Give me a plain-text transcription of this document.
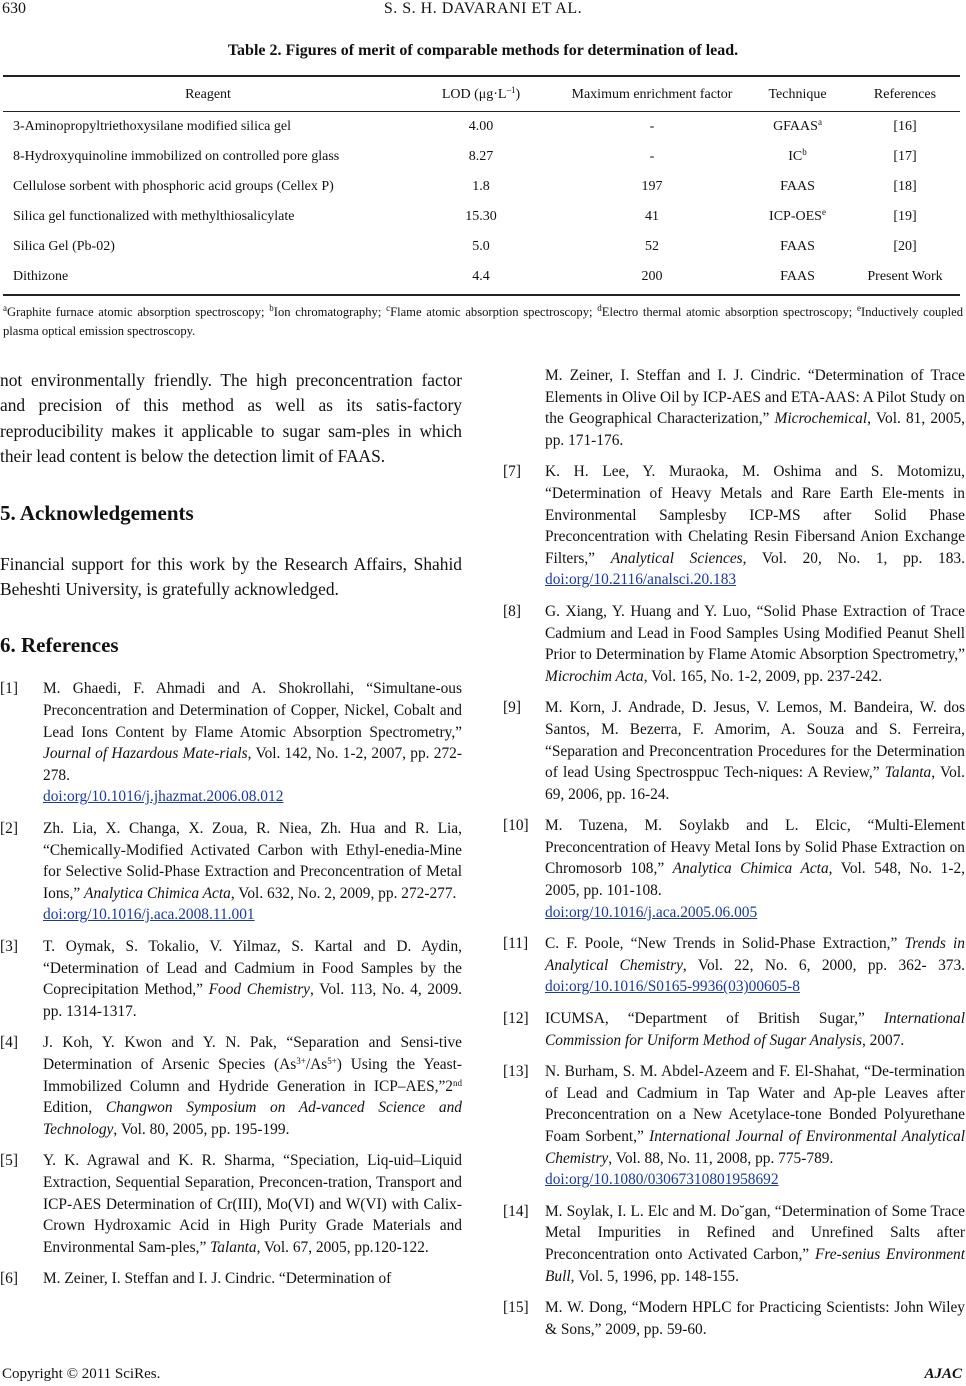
630	S. S. H. DAVARANI ET AL.
Table 2. Figures of merit of comparable methods for determination of lead.
Reagent	LOD $(\mu g\cdot L^{-1})$	Maximum enrichment factor	Technique	References
3-Aminopropyltriethoxysilane modified silica gel	4.00	-	GFAAS$^a$	[16]
8-Hydroxyquinoline immobilized on controlled pore glass	8.27	-	$IC^b$	[17]
Cellulose sorbent with phosphoric acid groups (Cellex P)	1.8	197	FAAS	[18]
Silica gel functionalized with methylthiosalicylate	15.30	41	ICP-OES$^e$	[19]
Silica Gel (Pb-02)	5.0	52	FAAS	[20]
Dithizone	4.4	200	FAAS	Present Work
$^a$Graphite furnace atomic absorption spectroscopy; $^b$Ion chromatography; $^c$Flame atomic absorption spectroscopy; $^d$Electro thermal atomic absorption spectroscopy; $^e$Inductively coupled plasma optical emission spectroscopy.

not environmentally friendly. The high preconcentration factor and precision of this method as well as its satis-factory reproducibility makes it applicable to sugar sam-ples in which their lead content is below the detection limit of FAAS.

5. Acknowledgements

Financial support for this work by the Research Affairs, Shahid Beheshti University, is gratefully acknowledged.

6. References
[1] M. Ghaedi, F. Ahmadi and A. Shokrollahi, “Simultane-ous Preconcentration and Determination of Copper, Nickel, Cobalt and Lead Ions Content by Flame Atomic Absorption Spectrometry,” Journal of Hazardous Mate-rials, Vol. 142, No. 1-2, 2007, pp. 272-278.
doi:org/10.1016/j.jhazmat.2006.08.012
[2] Zh. Lia, X. Changa, X. Zoua, R. Niea, Zh. Hua and R. Lia, “Chemically-Modified Activated Carbon with Ethyl-enedia-Mine for Selective Solid-Phase Extraction and Preconcentration of Metal Ions,” Analytica Chimica Acta, Vol. 632, No. 2, 2009, pp. 272-277.
doi:org/10.1016/j.aca.2008.11.001
[3] T. Oymak, S. Tokalio, V. Yilmaz, S. Kartal and D. Aydin, “Determination of Lead and Cadmium in Food Samples by the Coprecipitation Method,” Food Chemistry, Vol. 113, No. 4, 2009. pp. 1314-1317.
[4] J. Koh, Y. Kwon and Y. N. Pak, “Separation and Sensi-tive Determination of Arsenic Species $(As^{3+}/As^{5+})$ Using the Yeast-Immobilized Column and Hydride Generation in ICP–AES,”2nd Edition, Changwon Symposium on Ad-vanced Science and Technology, Vol. 80, 2005, pp. 195-199.
[5] Y. K. Agrawal and K. R. Sharma, “Speciation, Liq-uid–Liquid Extraction, Sequential Separation, Preconcen-tration, Transport and ICP-AES Determination of Cr(III), Mo(VI) and W(VI) with Calix-Crown Hydroxamic Acid in High Purity Grade Materials and Environmental Sam-ples,” Talanta, Vol. 67, 2005, pp.120-122.
[6] M. Zeiner, I. Steffan and I. J. Cindric. “Determination of
M. Zeiner, I. Steffan and I. J. Cindric. “Determination of Trace Elements in Olive Oil by ICP-AES and ETA-AAS: A Pilot Study on the Geographical Characterization,” Microchemical, Vol. 81, 2005, pp. 171-176.
[7] K. H. Lee, Y. Muraoka, M. Oshima and S. Motomizu, “Determination of Heavy Metals and Rare Earth Ele-ments in Environmental Samplesby ICP-MS after Solid Phase Preconcentration with Chelating Resin Fibersand Anion Exchange Filters,” Analytical Sciences, Vol. 20, No. 1, pp. 183. doi:org/10.2116/analsci.20.183
[8] G. Xiang, Y. Huang and Y. Luo, “Solid Phase Extraction of Trace Cadmium and Lead in Food Samples Using Modified Peanut Shell Prior to Determination by Flame Atomic Absorption Spectrometry,” Microchim Acta, Vol. 165, No. 1-2, 2009, pp. 237-242.
[9] M. Korn, J. Andrade, D. Jesus, V. Lemos, M. Bandeira, W. dos Santos, M. Bezerra, F. Amorim, A. Souza and S. Ferreira, “Separation and Preconcentration Procedures for the Determination of lead Using Spectrosppuc Tech-niques: A Review,” Talanta, Vol. 69, 2006, pp. 16-24.
[10] M. Tuzena, M. Soylakb and L. Elcic, “Multi-Element Preconcentration of Heavy Metal Ions by Solid Phase Extraction on Chromosorb 108,” Analytica Chimica Acta, Vol. 548, No. 1-2, 2005, pp. 101-108.
doi:org/10.1016/j.aca.2005.06.005
[11] C. F. Poole, “New Trends in Solid-Phase Extraction,” Trends in Analytical Chemistry, Vol. 22, No. 6, 2000, pp. 362- 373. doi:org/10.1016/S0165-9936(03)00605-8
[12] ICUMSA, “Department of British Sugar,” International Commission for Uniform Method of Sugar Analysis, 2007.
[13] N. Burham, S. M. Abdel-Azeem and F. El-Shahat, “De-termination of Lead and Cadmium in Tap Water and Ap-ple Leaves after Preconcentration on a New Acetylace-tone Bonded Polyurethane Foam Sorbent,” International Journal of Environmental Analytical Chemistry, Vol. 88, No. 11, 2008, pp. 775-789.
doi:org/10.1080/03067310801958692
[14] M. Soylak, I. L. Elc and M. Do˘gan, “Determination of Some Trace Metal Impurities in Refined and Unrefined Salts after Preconcentration onto Activated Carbon,” Fre-senius Environment Bull, Vol. 5, 1996, pp. 148-155.
[15] M. W. Dong, “Modern HPLC for Practicing Scientists: John Wiley & Sons,” 2009, pp. 59-60.
Copyright © 2011 SciRes.	AJAC
